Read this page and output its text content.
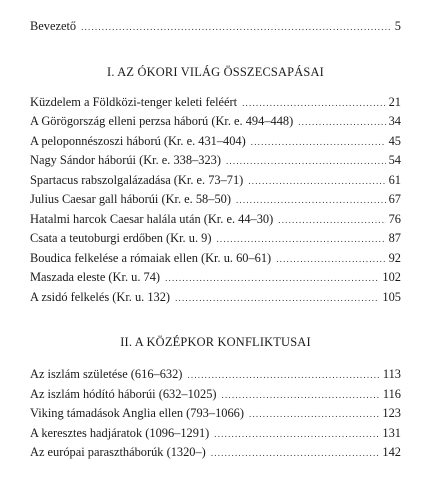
Bevezető .....	5
I. AZ ÓKORI VILÁG ÖSSZECSAPÁSAI
Küzdelem a Földközi-tenger keleti feléért .....	21
A Görögország elleni perzsa háború (Kr. e. 494–448) .....	34
A peloponnészoszi háború (Kr. e. 431–404) .....	45
Nagy Sándor háborúi (Kr. e. 338–323) .....	54
Spartacus rabszolgalázadása (Kr. e. 73–71) .....	61
Julius Caesar gall háborúi (Kr. e. 58–50) .....	67
Hatalmi harcok Caesar halála után (Kr. e. 44–30) .....	76
Csata a teutoburgi erdőben (Kr. u. 9) .....	87
Boudica felkelése a rómaiak ellen (Kr. u. 60–61) .....	92
Maszada eleste (Kr. u. 74) .....	102
A zsidó felkelés (Kr. u. 132) .....	105
II. A KÖZÉPKOR KONFLIKTUSAI
Az iszlám születése (616–632) .....	113
Az iszlám hódító háborúi (632–1025) .....	116
Viking támadások Anglia ellen (793–1066) .....	123
A keresztes hadjáratok (1096–1291) .....	131
Az európai parasztháborúk (1320–) .....	142
